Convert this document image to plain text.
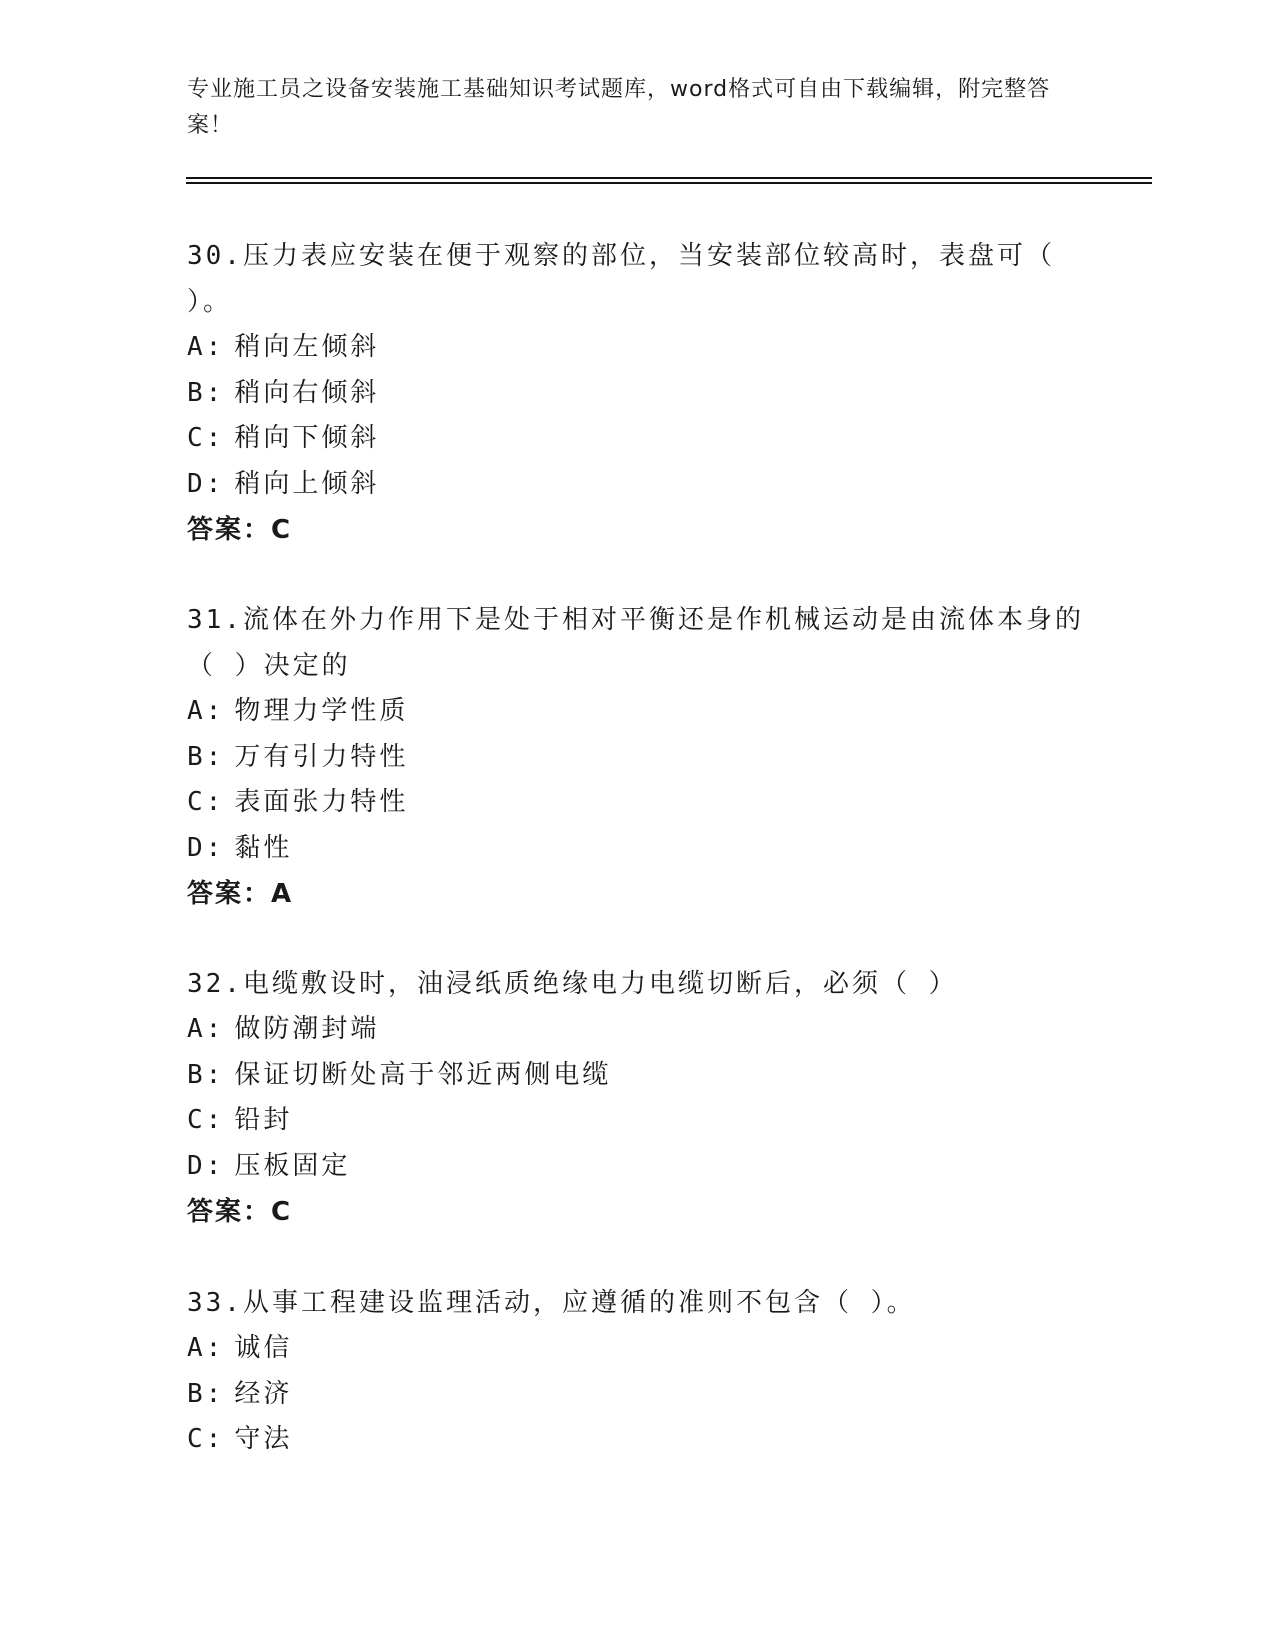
专业施工员之设备安装施工基础知识考试题库，word格式可自由下载编辑，附完整答案！

30.压力表应安装在便于观察的部位，当安装部位较高时，表盘可（ ）。

A: 稍向左倾斜

B: 稍向右倾斜

C: 稍向下倾斜

D: 稍向上倾斜

答案：C

31.流体在外力作用下是处于相对平衡还是作机械运动是由流体本身的（ ）决定的

A: 物理力学性质

B: 万有引力特性

C: 表面张力特性

D: 黏性

答案：A

32.电缆敷设时，油浸纸质绝缘电力电缆切断后，必须（ ）

A: 做防潮封端

B: 保证切断处高于邻近两侧电缆

C: 铅封

D: 压板固定

答案：C

33.从事工程建设监理活动，应遵循的准则不包含（ ）。

A: 诚信

B: 经济

C: 守法
